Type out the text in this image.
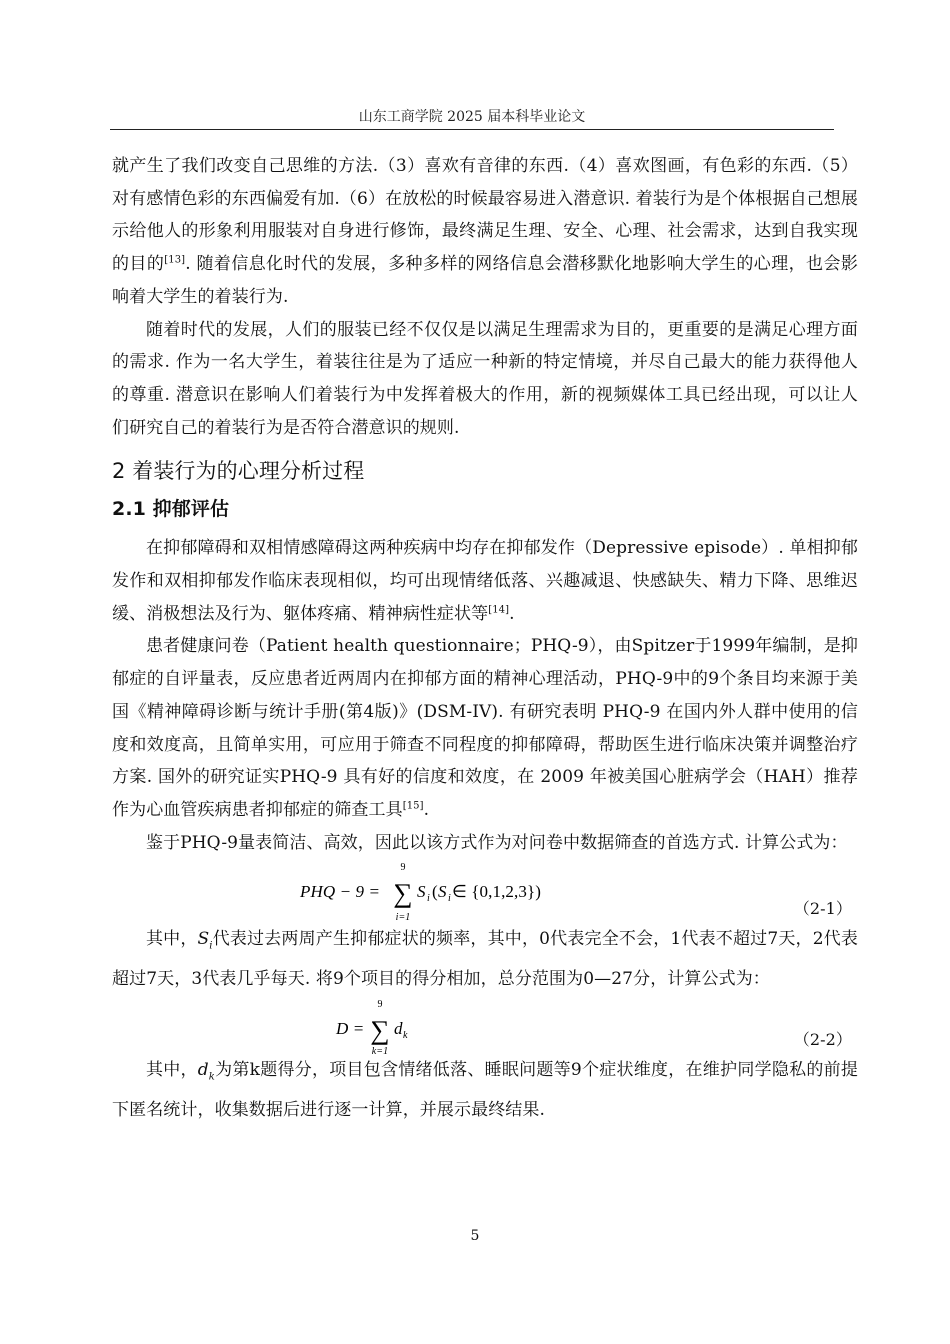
山东工商学院 2025 届本科毕业论文

就产生了我们改变自己思维的方法.（3）喜欢有音律的东西.（4）喜欢图画，有色彩的东西.（5）对有感情色彩的东西偏爱有加.（6）在放松的时候最容易进入潜意识. 着装行为是个体根据自己想展示给他人的形象利用服装对自身进行修饰，最终满足生理、安全、心理、社会需求，达到自我实现的目的[13]. 随着信息化时代的发展，多种多样的网络信息会潜移默化地影响大学生的心理，也会影响着大学生的着装行为.

随着时代的发展，人们的服装已经不仅仅是以满足生理需求为目的，更重要的是满足心理方面的需求. 作为一名大学生，着装往往是为了适应一种新的特定情境，并尽自己最大的能力获得他人的尊重. 潜意识在影响人们着装行为中发挥着极大的作用，新的视频媒体工具已经出现，可以让人们研究自己的着装行为是否符合潜意识的规则.

2 着装行为的心理分析过程
2.1 抑郁评估

在抑郁障碍和双相情感障碍这两种疾病中均存在抑郁发作（Depressive episode）. 单相抑郁发作和双相抑郁发作临床表现相似，均可出现情绪低落、兴趣减退、快感缺失、精力下降、思维迟缓、消极想法及行为、躯体疼痛、精神病性症状等[14].

患者健康问卷（Patient health questionnaire；PHQ-9），由Spitzer于1999年编制，是抑郁症的自评量表，反应患者近两周内在抑郁方面的精神心理活动，PHQ-9中的9个条目均来源于美国《精神障碍诊断与统计手册(第4版)》(DSM-IV). 有研究表明 PHQ-9 在国内外人群中使用的信度和效度高，且简单实用，可应用于筛查不同程度的抑郁障碍，帮助医生进行临床决策并调整治疗方案. 国外的研究证实PHQ-9 具有好的信度和效度，在 2009 年被美国心脏病学会（HAH）推荐作为心血管疾病患者抑郁症的筛查工具[15].

鉴于PHQ-9量表简洁、高效，因此以该方式作为对问卷中数据筛查的首选方式. 计算公式为：

PHQ − 9 =
9
∑
i=1
S i ( S i ∈ {0,1,2,3})
（2-1）

其中，$S_i$代表过去两周产生抑郁症状的频率，其中，0代表完全不会，1代表不超过7天，2代表超过7天，3代表几乎每天. 将9个项目的得分相加，总分范围为0—27分，计算公式为：

D =
9
∑
k=1
d k	（2-2）

其中，$d_k$为第k题得分，项目包含情绪低落、睡眠问题等9个症状维度，在维护同学隐私的前提下匿名统计，收集数据后进行逐一计算，并展示最终结果.

5
